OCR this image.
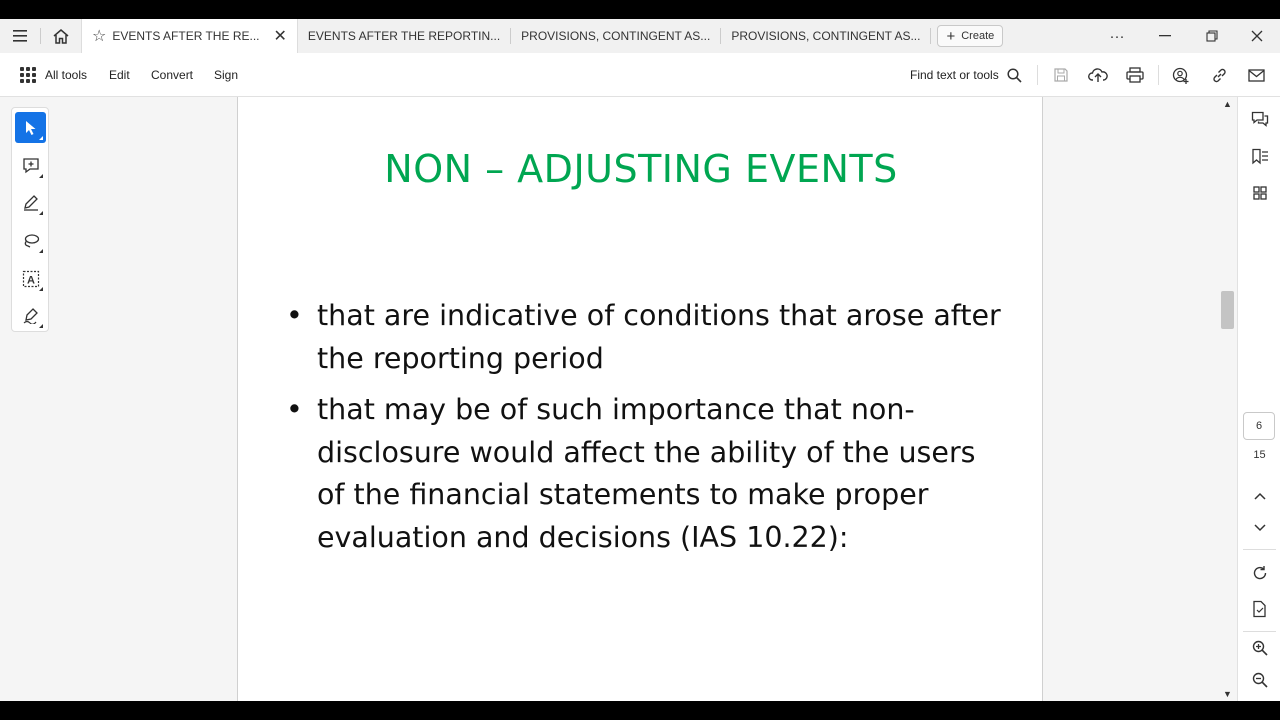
☆ EVENTS AFTER THE RE... ✕ EVENTS AFTER THE REPORTIN... PROVISIONS, CONTINGENT AS... PROVISIONS, CONTINGENT AS... + Create	···
All tools Edit Convert Sign	Find text or tools
A
NON – ADJUSTING EVENTS
• that are indicative of conditions that arose after the reporting period
• that may be of such importance that non-disclosure would affect the ability of the users of the financial statements to make proper evaluation and decisions (IAS 10.22):
▲
▼
6
15
